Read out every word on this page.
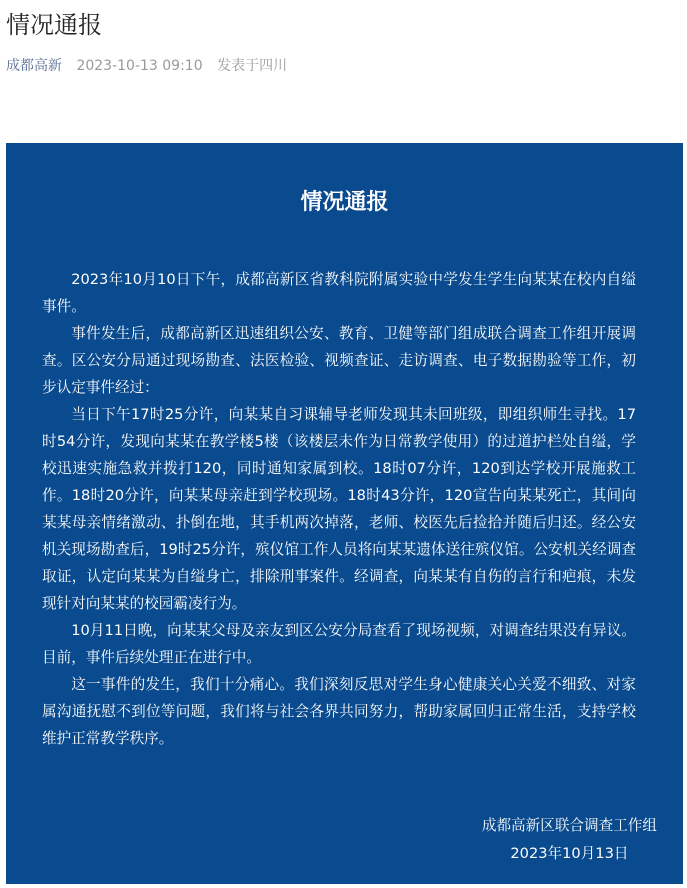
情况通报
成都高新 2023-10-13 09:10 发表于四川
情况通报

2023年10月10日下午，成都高新区省教科院附属实验中学发生学生向某某在校内自缢事件。

事件发生后，成都高新区迅速组织公安、教育、卫健等部门组成联合调查工作组开展调查。区公安分局通过现场勘查、法医检验、视频查证、走访调查、电子数据勘验等工作，初步认定事件经过：

当日下午17时25分许，向某某自习课辅导老师发现其未回班级，即组织师生寻找。17时54分许，发现向某某在教学楼5楼（该楼层未作为日常教学使用）的过道护栏处自缢，学校迅速实施急救并拨打120，同时通知家属到校。18时07分许，120到达学校开展施救工作。18时20分许，向某某母亲赶到学校现场。18时43分许，120宣告向某某死亡，其间向某某母亲情绪激动、扑倒在地，其手机两次掉落，老师、校医先后捡拾并随后归还。经公安机关现场勘查后，19时25分许，殡仪馆工作人员将向某某遗体送往殡仪馆。公安机关经调查取证，认定向某某为自缢身亡，排除刑事案件。经调查，向某某有自伤的言行和疤痕，未发现针对向某某的校园霸凌行为。

10月11日晚，向某某父母及亲友到区公安分局查看了现场视频，对调查结果没有异议。目前，事件后续处理正在进行中。

这一事件的发生，我们十分痛心。我们深刻反思对学生身心健康关心关爱不细致、对家属沟通抚慰不到位等问题，我们将与社会各界共同努力，帮助家属回归正常生活，支持学校维护正常教学秩序。

成都高新区联合调查工作组
2023年10月13日
